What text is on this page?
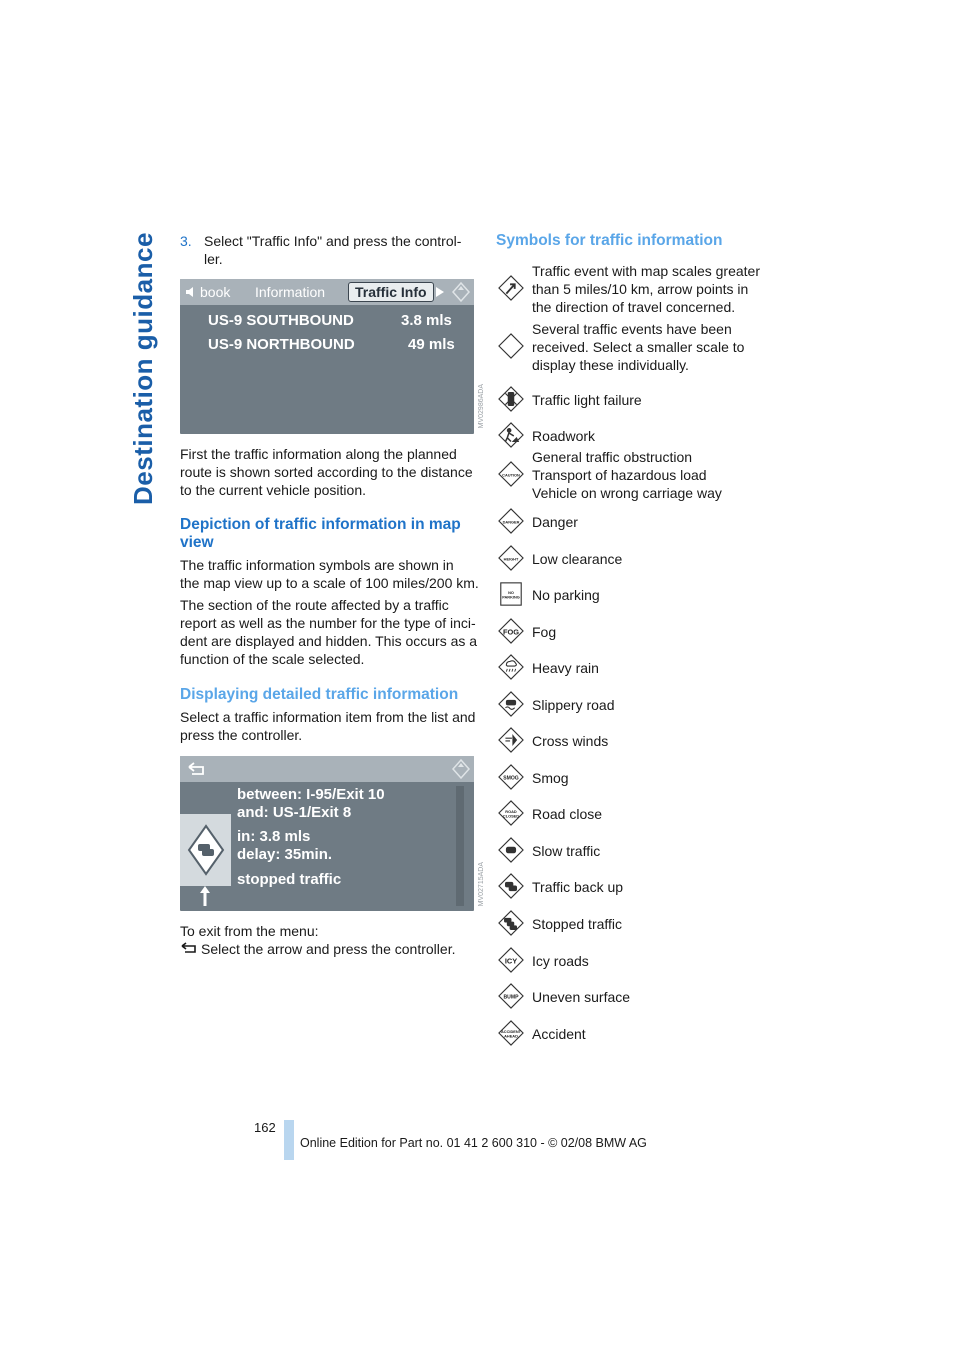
Destination guidance 3. Select "Traffic Info" and press the control-
ler.
book Information	Traffic Info
US-9 SOUTHBOUND	3.8 mls
US-9 NORTHBOUND	49 mls
MV02986ADA
First the traffic information along the planned
route is shown sorted according to the distance
to the current vehicle position.
Depiction of traffic information in map
view
The traffic information symbols are shown in
the map view up to a scale of 100 miles/200 km.
The section of the route affected by a traffic
report as well as the number for the type of inci-
dent are displayed and hidden. This occurs as a
function of the scale selected.
Displaying detailed traffic information
Select a traffic information item from the list and
press the controller.
between: I-95/Exit 10
and: US-1/Exit 8
in: 3.8 mls
delay: 35min.
stopped traffic	MV02715ADA
To exit from the menu:
Select the arrow and press the controller.
Symbols for traffic information
Traffic event with map scales greater
than 5 miles/10 km, arrow points in
the direction of travel concerned.
Several traffic events have been
received. Select a smaller scale to
display these individually.
Traffic light failure
Roadwork
CAUTION
General traffic obstruction
Transport of hazardous load
Vehicle on wrong carriage way
DANGER Danger
HEIGHT Low clearance
NO
PARKING No parking
FOG Fog
Heavy rain
Slippery road
Cross winds
SMOG Smog
ROAD
CLOSED Road close
Slow traffic
Traffic back up
Stopped traffic
ICY Icy roads
BUMP Uneven surface
ACCIDENT
AHEAD Accident
162
Online Edition for Part no. 01 41 2 600 310 - © 02/08 BMW AG
